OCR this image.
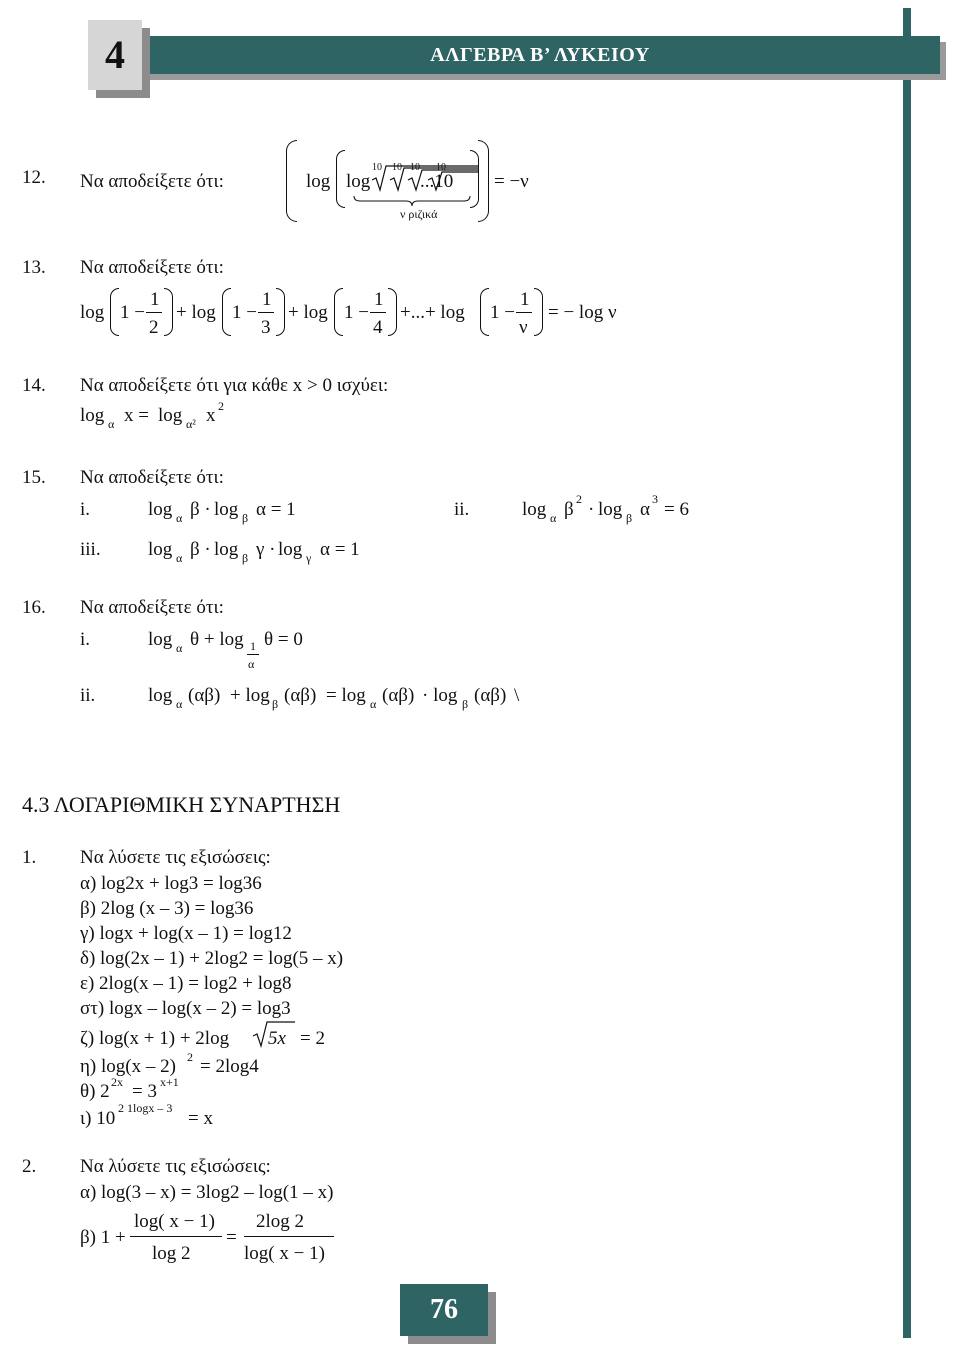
ΑΛΓΕΒΡΑ Β’ ΛΥΚΕΙΟΥ
4
12. Να αποδείξετε ότι:	log log
10 10 10 10
...10 = −ν
ν ριζικά
13. Να αποδείξετε ότι:
log 1 −
1
2
+ log 1 −
1
3
+ log 1 −
1
4
+...+ log 1 −
1
ν
= − log ν
14. Να αποδείξετε ότι για κάθε x > 0 ισχύει:
log α x = log α² x 2
15. Να αποδείξετε ότι:
i.	log α β · log β α = 1	ii.	log α β 2 · log β α 3 = 6
iii. log α β · log β γ · log γ α = 1
16. Να αποδείξετε ότι:
i.	log α θ + log 1
α
θ = 0
ii.	log α (αβ) + log β (αβ) = log α (αβ) · log β (αβ) \
4.3 ΛΟΓΑΡΙΘΜΙΚΗ ΣΥΝΑΡΤΗΣΗ
1. Να λύσετε τις εξισώσεις:
α) log2x + log3 = log36
β) 2log (x – 3) = log36
γ) logx + log(x – 1) = log12
δ) log(2x – 1) + 2log2 = log(5 – x)
ε) 2log(x – 1) = log2 + log8
στ) logx – log(x – 2) = log3
ζ) log(x + 1) + 2log 5x = 2
η) log(x – 2) 2 = 2log4
θ) 2 2x = 3 x+1
ι) 10 2 1logx – 3 = x
2. Να λύσετε τις εξισώσεις:
α) log(3 – x) = 3log2 – log(1 – x)
β) 1 +
log( x − 1)
log 2
=
2log 2
log( x − 1)
76
